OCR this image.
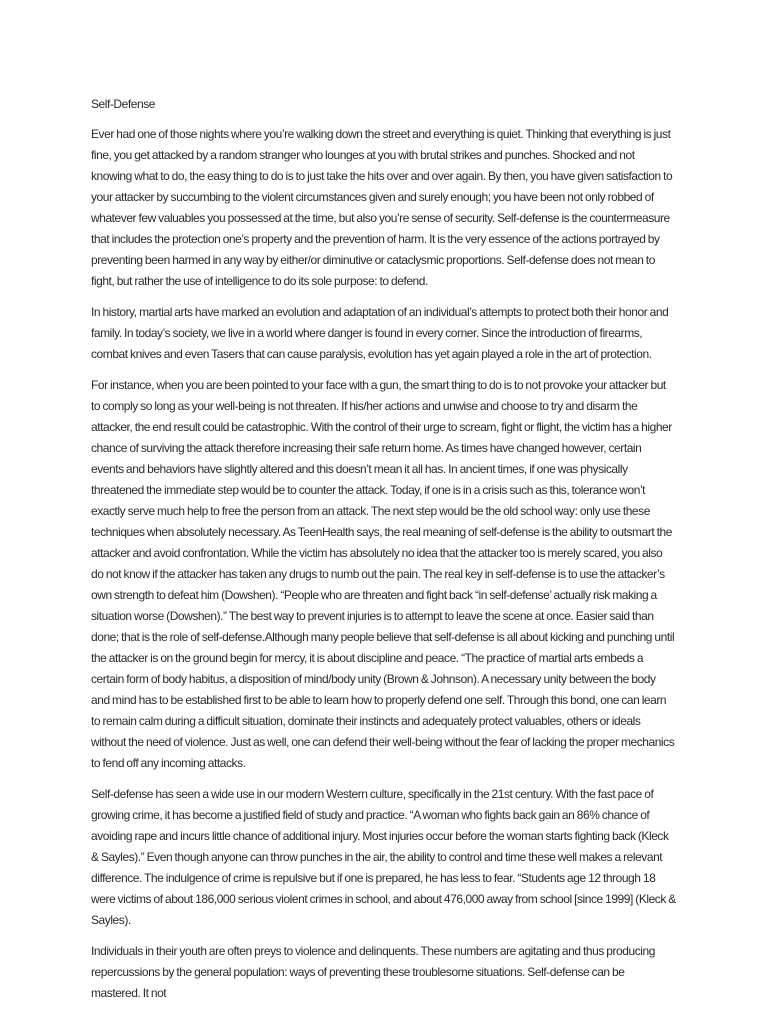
Self-Defense

Ever had one of those nights where you’re walking down the street and everything is quiet. Thinking that everything is just fine, you get attacked by a random stranger who lounges at you with brutal strikes and punches. Shocked and not knowing what to do, the easy thing to do is to just take the hits over and over again. By then, you have given satisfaction to your attacker by succumbing to the violent circumstances given and surely enough; you have been not only robbed of whatever few valuables you possessed at the time, but also you’re sense of security. Self-defense is the countermeasure that includes the protection one’s property and the prevention of harm. It is the very essence of the actions portrayed by preventing been harmed in any way by either/or diminutive or cataclysmic proportions. Self-defense does not mean to fight, but rather the use of intelligence to do its sole purpose: to defend.

In history, martial arts have marked an evolution and adaptation of an individual’s attempts to protect both their honor and family. In today’s society, we live in a world where danger is found in every corner. Since the introduction of firearms, combat knives and even Tasers that can cause paralysis, evolution has yet again played a role in the art of protection.

For instance, when you are been pointed to your face with a gun, the smart thing to do is to not provoke your attacker but to comply so long as your well-being is not threaten. If his/her actions and unwise and choose to try and disarm the attacker, the end result could be catastrophic. With the control of their urge to scream, fight or flight, the victim has a higher chance of surviving the attack therefore increasing their safe return home. As times have changed however, certain events and behaviors have slightly altered and this doesn’t mean it all has. In ancient times, if one was physically threatened the immediate step would be to counter the attack. Today, if one is in a crisis such as this, tolerance won’t exactly serve much help to free the person from an attack. The next step would be the old school way: only use these techniques when absolutely necessary. As TeenHealth says, the real meaning of self-defense is the ability to outsmart the attacker and avoid confrontation. While the victim has absolutely no idea that the attacker too is merely scared, you also do not know if the attacker has taken any drugs to numb out the pain. The real key in self-defense is to use the attacker’s own strength to defeat him (Dowshen). “People who are threaten and fight back “in self-defense’ actually risk making a situation worse (Dowshen).” The best way to prevent injuries is to attempt to leave the scene at once. Easier said than done; that is the role of self-defense.Although many people believe that self-defense is all about kicking and punching until the attacker is on the ground begin for mercy, it is about discipline and peace. “The practice of martial arts embeds a certain form of body habitus, a disposition of mind/body unity (Brown & Johnson). A necessary unity between the body and mind has to be established first to be able to learn how to properly defend one self. Through this bond, one can learn to remain calm during a difficult situation, dominate their instincts and adequately protect valuables, others or ideals without the need of violence. Just as well, one can defend their well-being without the fear of lacking the proper mechanics to fend off any incoming attacks.

Self-defense has seen a wide use in our modern Western culture, specifically in the 21st century. With the fast pace of growing crime, it has become a justified field of study and practice. “A woman who fights back gain an 86% chance of avoiding rape and incurs little chance of additional injury. Most injuries occur before the woman starts fighting back (Kleck & Sayles).” Even though anyone can throw punches in the air, the ability to control and time these well makes a relevant difference. The indulgence of crime is repulsive but if one is prepared, he has less to fear. “Students age 12 through 18 were victims of about 186,000 serious violent crimes in school, and about 476,000 away from school [since 1999] (Kleck & Sayles).

Individuals in their youth are often preys to violence and delinquents. These numbers are agitating and thus producing repercussions by the general population: ways of preventing these troublesome situations. Self-defense can be mastered. It not
